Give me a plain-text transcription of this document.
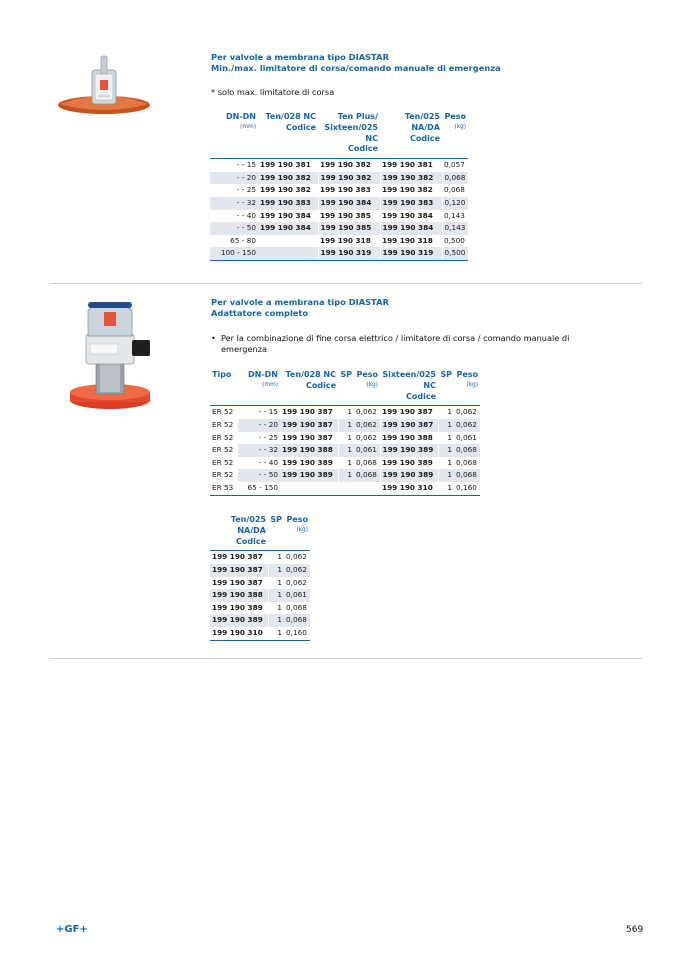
Per valvole a membrana tipo DIASTAR
Min./max. limitatore di corsa/comando manuale di emergenza
* solo max. limitatore di corsa
DN-DN
(mm)	Ten/028 NC
Codice	Ten Plus/
Sixteen/025
NC
Codice	Ten/025
NA/DA
Codice	Peso
(kg)

- - 15	199 190 381	199 190 382	199 190 381	0,057
- - 20	199 190 382	199 190 382	199 190 382	0,068
- - 25	199 190 382	199 190 383	199 190 382	0,068
- - 32	199 190 383	199 190 384	199 190 383	0,120
- - 40	199 190 384	199 190 385	199 190 384	0,143
- - 50	199 190 384	199 190 385	199 190 384	0,143
65 - 80		199 190 318	199 190 318	0,500
100 - 150		199 190 319	199 190 319	0,500
Per valvole a membrana tipo DIASTAR
Adattatore completo
• Per la combinazione di fine corsa elettrico / limitatore di corsa / comando manuale di
emergenza
Tipo	DN-DN
(mm)	Ten/028 NC
Codice	SP	Peso
(kg)	Sixteen/025
NC
Codice	SP	Peso
(kg)

ER 52	- - 15	199 190 387	1	0,062	199 190 387	1	0,062
ER 52	- - 20	199 190 387	1	0,062	199 190 387	1	0,062
ER 52	- - 25	199 190 387	1	0,062	199 190 388	1	0,061
ER 52	- - 32	199 190 388	1	0,061	199 190 389	1	0,068
ER 52	- - 40	199 190 389	1	0,068	199 190 389	1	0,068
ER 52	- - 50	199 190 389	1	0,068	199 190 389	1	0,068
ER 53	65 - 150				199 190 310	1	0,160
Ten/025
NA/DA
Codice	SP	Peso
(kg)

199 190 387	1	0,062
199 190 387	1	0,062
199 190 387	1	0,062
199 190 388	1	0,061
199 190 389	1	0,068
199 190 389	1	0,068
199 190 310	1	0,160
+GF+	569
